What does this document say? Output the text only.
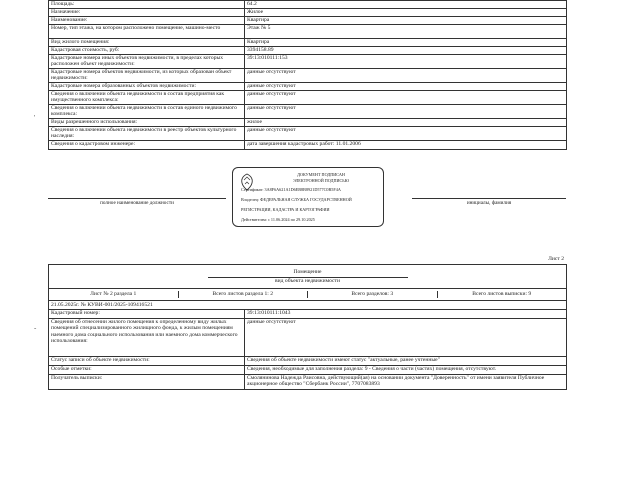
Площадь:	64.2
Назначение:	Жилое
Наименование:	Квартира
Номер, тип этажа, на котором расположено помещение, машино-место	Этаж № 5
Вид жилого помещения:	Квартира
Кадастровая стоимость, руб:	3394158.89
Кадастровые номера иных объектов недвижимости, в пределах которых расположен объект недвижимости:
39:13:010111:153
Кадастровые номера объектов недвижимости, из которых образован объект недвижимости:
данные отсутствуют
Кадастровые номера образованных объектов недвижимости:	данные отсутствуют
Сведения о включении объекта недвижимости в состав предприятия как имущественного комплекса:
данные отсутствуют
Сведения о включении объекта недвижимости в состав единого недвижимого комплекса:
данные отсутствуют
Виды разрешенного использования:	жилое
Сведения о включении объекта недвижимости в реестр объектов культурного наследия:
данные отсутствуют
Сведения о кадастровом инженере:	дата завершения кадастровых работ: 11.01.2006
полное наименование должности	инициалы, фамилия
ДОКУМЕНТ ПОДПИСАН
ЭЛЕКТРОННОЙ ПОДПИСЬЮ
Сертификат: 3A8F6A621A1D6EB8B8921D577C0B5F4A
Владелец: ФЕДЕРАЛЬНАЯ СЛУЖБА ГОСУДАРСТВЕННОЙ
РЕГИСТРАЦИИ, КАДАСТРА И КАРТОГРАФИИ
Действителен: с 11.06.2024 по 29.10.2025
Лист 2
Помещение
вид объекта недвижимости
Лист № 2 раздела 1	Всего листов раздела 1: 2	Всего разделов: 3	Всего листов выписки: 9
21.05.2025г. № КУВИ-001/2025-109416521
Кадастровый номер:	39:13:010111:1043
Сведения об отнесении жилого помещения к определенному виду жилых помещений специализированного жилищного фонда, к жилым помещениям наемного дома социального использования или наемного дома коммерческого использования:
данные отсутствуют
Статус записи об объекте недвижимости:	Сведения об объекте недвижимости имеют статус "актуальные, ранее учтенные"
Особые отметки:	Сведения, необходимые для заполнения раздела: 9 - Сведения о части (частях) помещения, отсутствуют.
Получатель выписки:	Смолянинова Надежда Раисовна, действующий(ая) на основании документа "Доверенность" от имени заявителя Публичное акционерное общество "Сбербанк России", 7707083893
'
-
